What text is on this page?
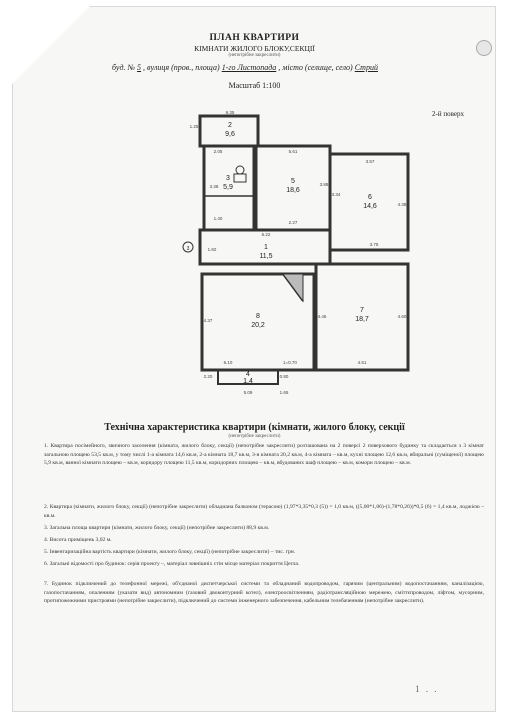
ПЛАН КВАРТИРИ
КІМНАТИ ЖИЛОГО БЛОКУ,СЕКЦІЇ
(непотрібне закреслити)
буд. № 5 , вулиця (пров., площа) 1-го Листопада , місто (селище, село) Стрий
Масштаб 1:100
2-й поверх
2
9,6
3
5,9
5
18,6
6
14,6
1
11,5
8
20,2
7
18,7
4
1,4
3
9.35
1.25
2.05	5.61
3.38
3.57
1.40
3.88
2.27
4.38
3.34
6.22
3.75
1.82
4.37
4.46	4.60
6.10	1=0.70	4.51
2.20
5.09
0.80
1.65
Технічна характеристика квартири (кімнати, жилого блоку, секції
(непотрібне закреслити)
1. Квартира посімейного, звичного заселення (кімната, жилого блоку, секції) (непотрібне закреслити) розташована на 2 поверсі 2 поверхового будинку та складається з 3 кімнат загальною площею 53,5 кв.м, у тому числі 1-а кімната 14,6 кв.м, 2-а кімната 18,7 кв.м, 3-я кімната 20,2 кв.м, 4-а кімната – кв.м, кухні площею 12,6 кв.м, вбиральні (суміщеної) площею 5,9 кв.м, ванної кімнати площею – кв.м, коридору площею 11,5 кв.м, коридорних площею – кв.м, вбудованих шаф площею – кв.м, комори площею – кв.м.
2. Квартира (кімнати, жилого блоку, секції) (непотрібне закреслити) обладнана балконом (терасою) (1,97*3,35*0,3 (5)) = 1,0 кв.м, ((5,00*1,06)-(1,78*0,26))*0,5 (6) = 1,4 кв.м, лоджією – кв.м.
3. Загальна площа квартири (кімнати, жилого блоку, секції) (непотрібне закреслити) 88,9 кв.м.
4. Висота приміщень 3,02 м.
5. Інвентаризаційна вартість квартири (кімнати, жилого блоку, секції) (непотрібне закреслити) – тис. грн.
6. Загальні відомості про будинок: серія проекту –, матеріал зовнішніх стін місце матеріал покриття Цегла.
7. Будинок підключений до телефонної мережі, об'єднаної диспетчерської системи та обладнаний водопроводом, гарячим (центральним) водопостачанням, каналізацією, газопостачанням, опаленням (указати вид) автономним (газовий двоконтурний котел), електроосвітленням, радіотрансляційною мережею, сміттєпроводом, ліфтом, мусорним, протипожежними пристроями (непотрібне закреслити), підключений до системи інженерного забезпечення, кабельним телебаченням (непотрібне закреслити).
1 . .
